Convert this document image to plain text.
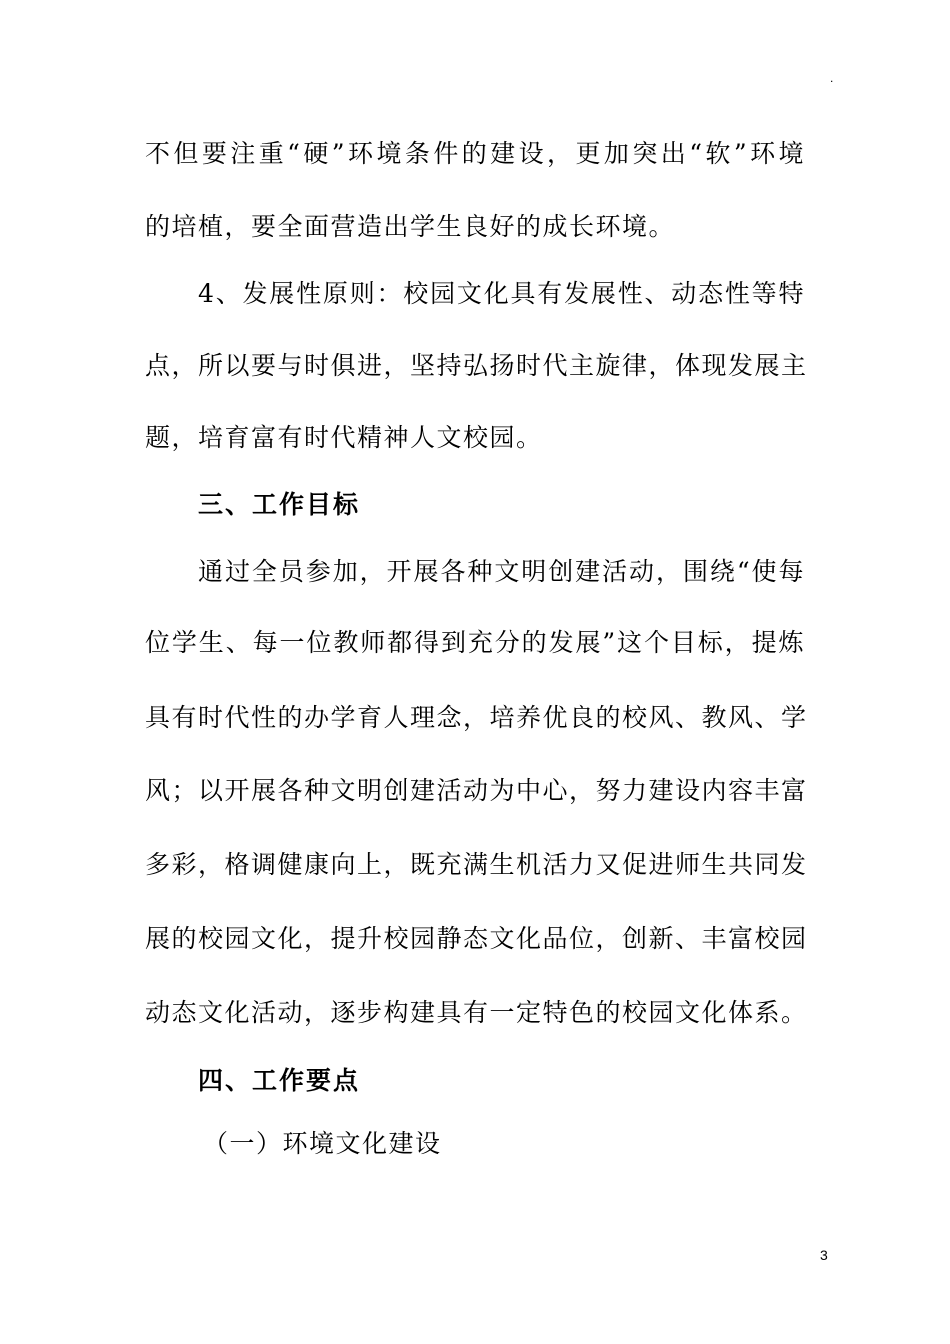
.
不但要注重“硬”环境条件的建设，更加突出“软”环境
的培植，要全面营造出学生良好的成长环境。
4、发展性原则：校园文化具有发展性、动态性等特
点，所以要与时俱进，坚持弘扬时代主旋律，体现发展主
题，培育富有时代精神人文校园。
三、工作目标
通过全员参加，开展各种文明创建活动，围绕“使每
位学生、每一位教师都得到充分的发展”这个目标，提炼
具有时代性的办学育人理念，培养优良的校风、教风、学
风；以开展各种文明创建活动为中心，努力建设内容丰富
多彩，格调健康向上，既充满生机活力又促进师生共同发
展的校园文化，提升校园静态文化品位，创新、丰富校园
动态文化活动，逐步构建具有一定特色的校园文化体系。
四、工作要点
（一）环境文化建设
3
